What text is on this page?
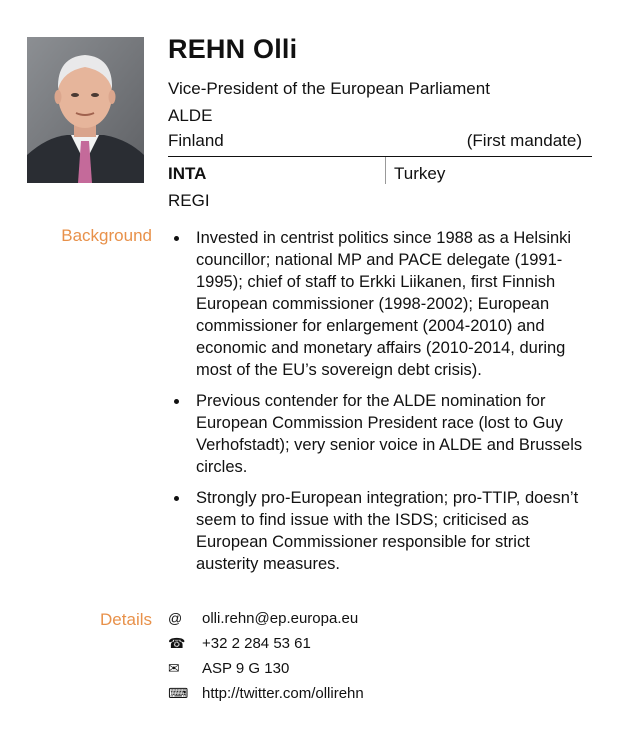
REHN Olli
Vice-President of the European Parliament
ALDE
Finland	(First mandate)
INTA	Turkey
REGI
Background	Invested in centrist politics since 1988 as a Helsinki councillor; national MP and PACE delegate (1991-1995); chief of staff to Erkki Liikanen, first Finnish European commissioner (1998-2002); European commissioner for enlargement (2004-2010) and economic and monetary affairs (2010-2014, during most of the EU’s sovereign debt crisis).
Previous contender for the ALDE nomination for European Commission President race (lost to Guy Verhofstadt); very senior voice in ALDE and Brussels circles.
Strongly pro-European integration; pro-TTIP, doesn’t seem to find issue with the ISDS; criticised as European Commissioner responsible for strict austerity measures.
Details @	olli.rehn@ep.europa.eu
☎	+32 2 284 53 61
✉	ASP 9 G 130
⌨ http://twitter.com/ollirehn
